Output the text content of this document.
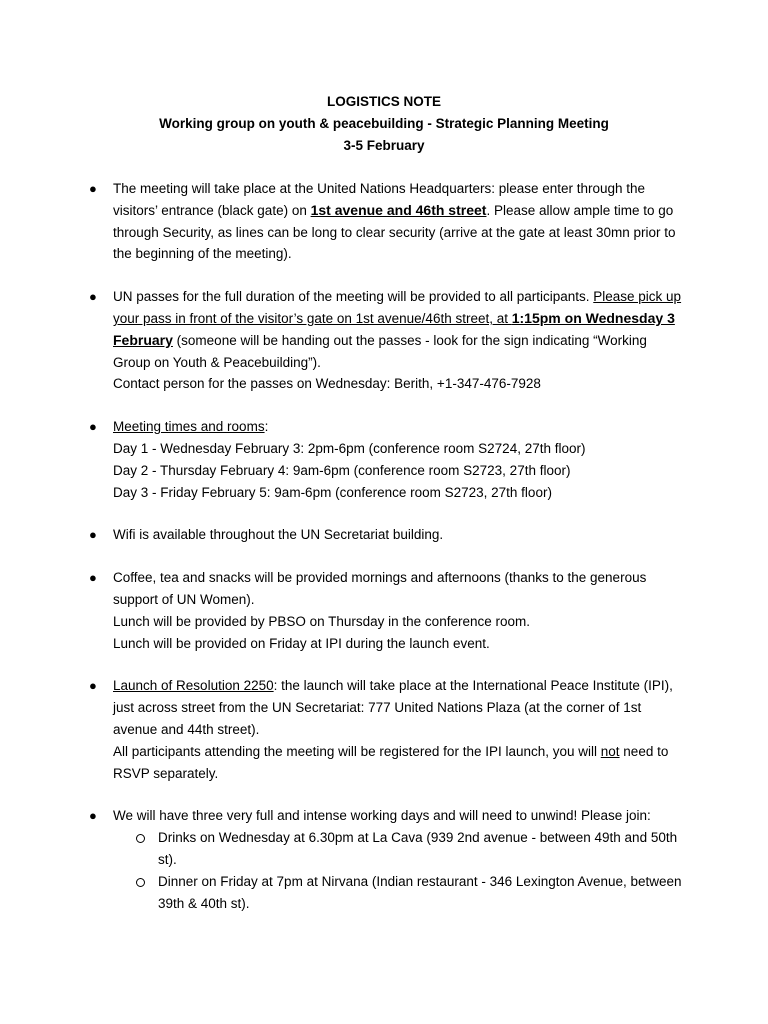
LOGISTICS NOTE
Working group on youth & peacebuilding - Strategic Planning Meeting
3-5 February
● The meeting will take place at the United Nations Headquarters: please enter through the visitors’ entrance (black gate) on 1st avenue and 46th street. Please allow ample time to go through Security, as lines can be long to clear security (arrive at the gate at least 30mn prior to the beginning of the meeting).

● UN passes for the full duration of the meeting will be provided to all participants. Please pick up your pass in front of the visitor’s gate on 1st avenue/46th street, at 1:15pm on Wednesday 3 February (someone will be handing out the passes - look for the sign indicating “Working Group on Youth & Peacebuilding”).

Contact person for the passes on Wednesday: Berith, +1-347-476-7928

● Meeting times and rooms:

Day 1 - Wednesday February 3: 2pm-6pm (conference room S2724, 27th floor)

Day 2 - Thursday February 4: 9am-6pm (conference room S2723, 27th floor)

Day 3 - Friday February 5: 9am-6pm (conference room S2723, 27th floor)

● Wifi is available throughout the UN Secretariat building.

● Coffee, tea and snacks will be provided mornings and afternoons (thanks to the generous support of UN Women).

Lunch will be provided by PBSO on Thursday in the conference room.

Lunch will be provided on Friday at IPI during the launch event.

● Launch of Resolution 2250: the launch will take place at the International Peace Institute (IPI), just across street from the UN Secretariat: 777 United Nations Plaza (at the corner of 1st avenue and 44th street).

All participants attending the meeting will be registered for the IPI launch, you will not need to RSVP separately.

● We will have three very full and intense working days and will need to unwind! Please join:

Drinks on Wednesday at 6.30pm at La Cava (939 2nd avenue - between 49th and 50th st).
Dinner on Friday at 7pm at Nirvana (Indian restaurant - 346 Lexington Avenue, between 39th & 40th st).
